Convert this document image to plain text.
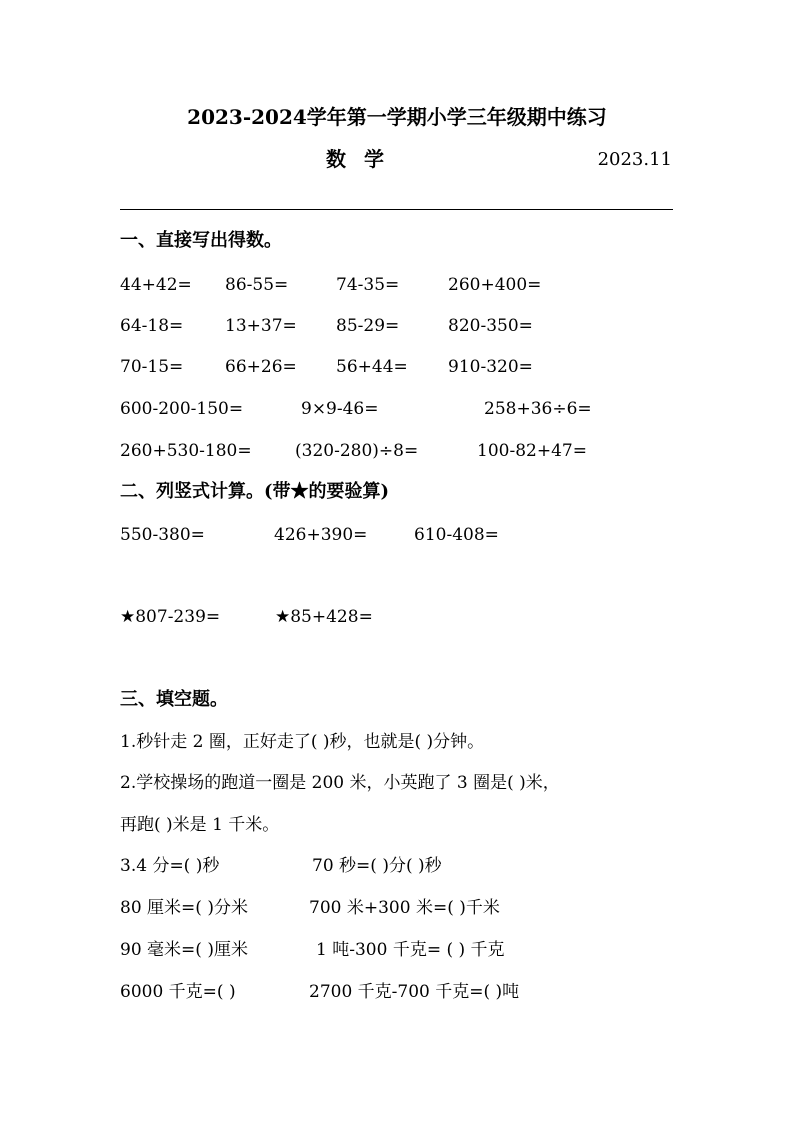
2023-2024学年第一学期小学三年级期中练习
数学	2023.11
一、直接写出得数。
44+42= 86-55=	74-35=	260+400=
64-18= 13+37= 85-29=	820-350=
70-15= 66+26= 56+44= 910-320=
600-200-150=	9×9-46=	258+36÷6=
260+530-180=	(320-280)÷8=	100-82+47=
二、列竖式计算。(带★的要验算)
550-380=	426+390=	610-408=
★807-239=	★85+428=
三、填空题。
1.秒针走 2 圈，正好走了( )秒，也就是( )分钟。
2.学校操场的跑道一圈是 200 米，小英跑了 3 圈是( )米，
再跑( )米是 1 千米。
3.4 分=( )秒	70 秒=( )分( )秒
80 厘米=( )分米	700 米+300 米=( )千米
90 毫米=( )厘米	1 吨-300 千克= ( ) 千克
6000 千克=( )	2700 千克-700 千克=( )吨
